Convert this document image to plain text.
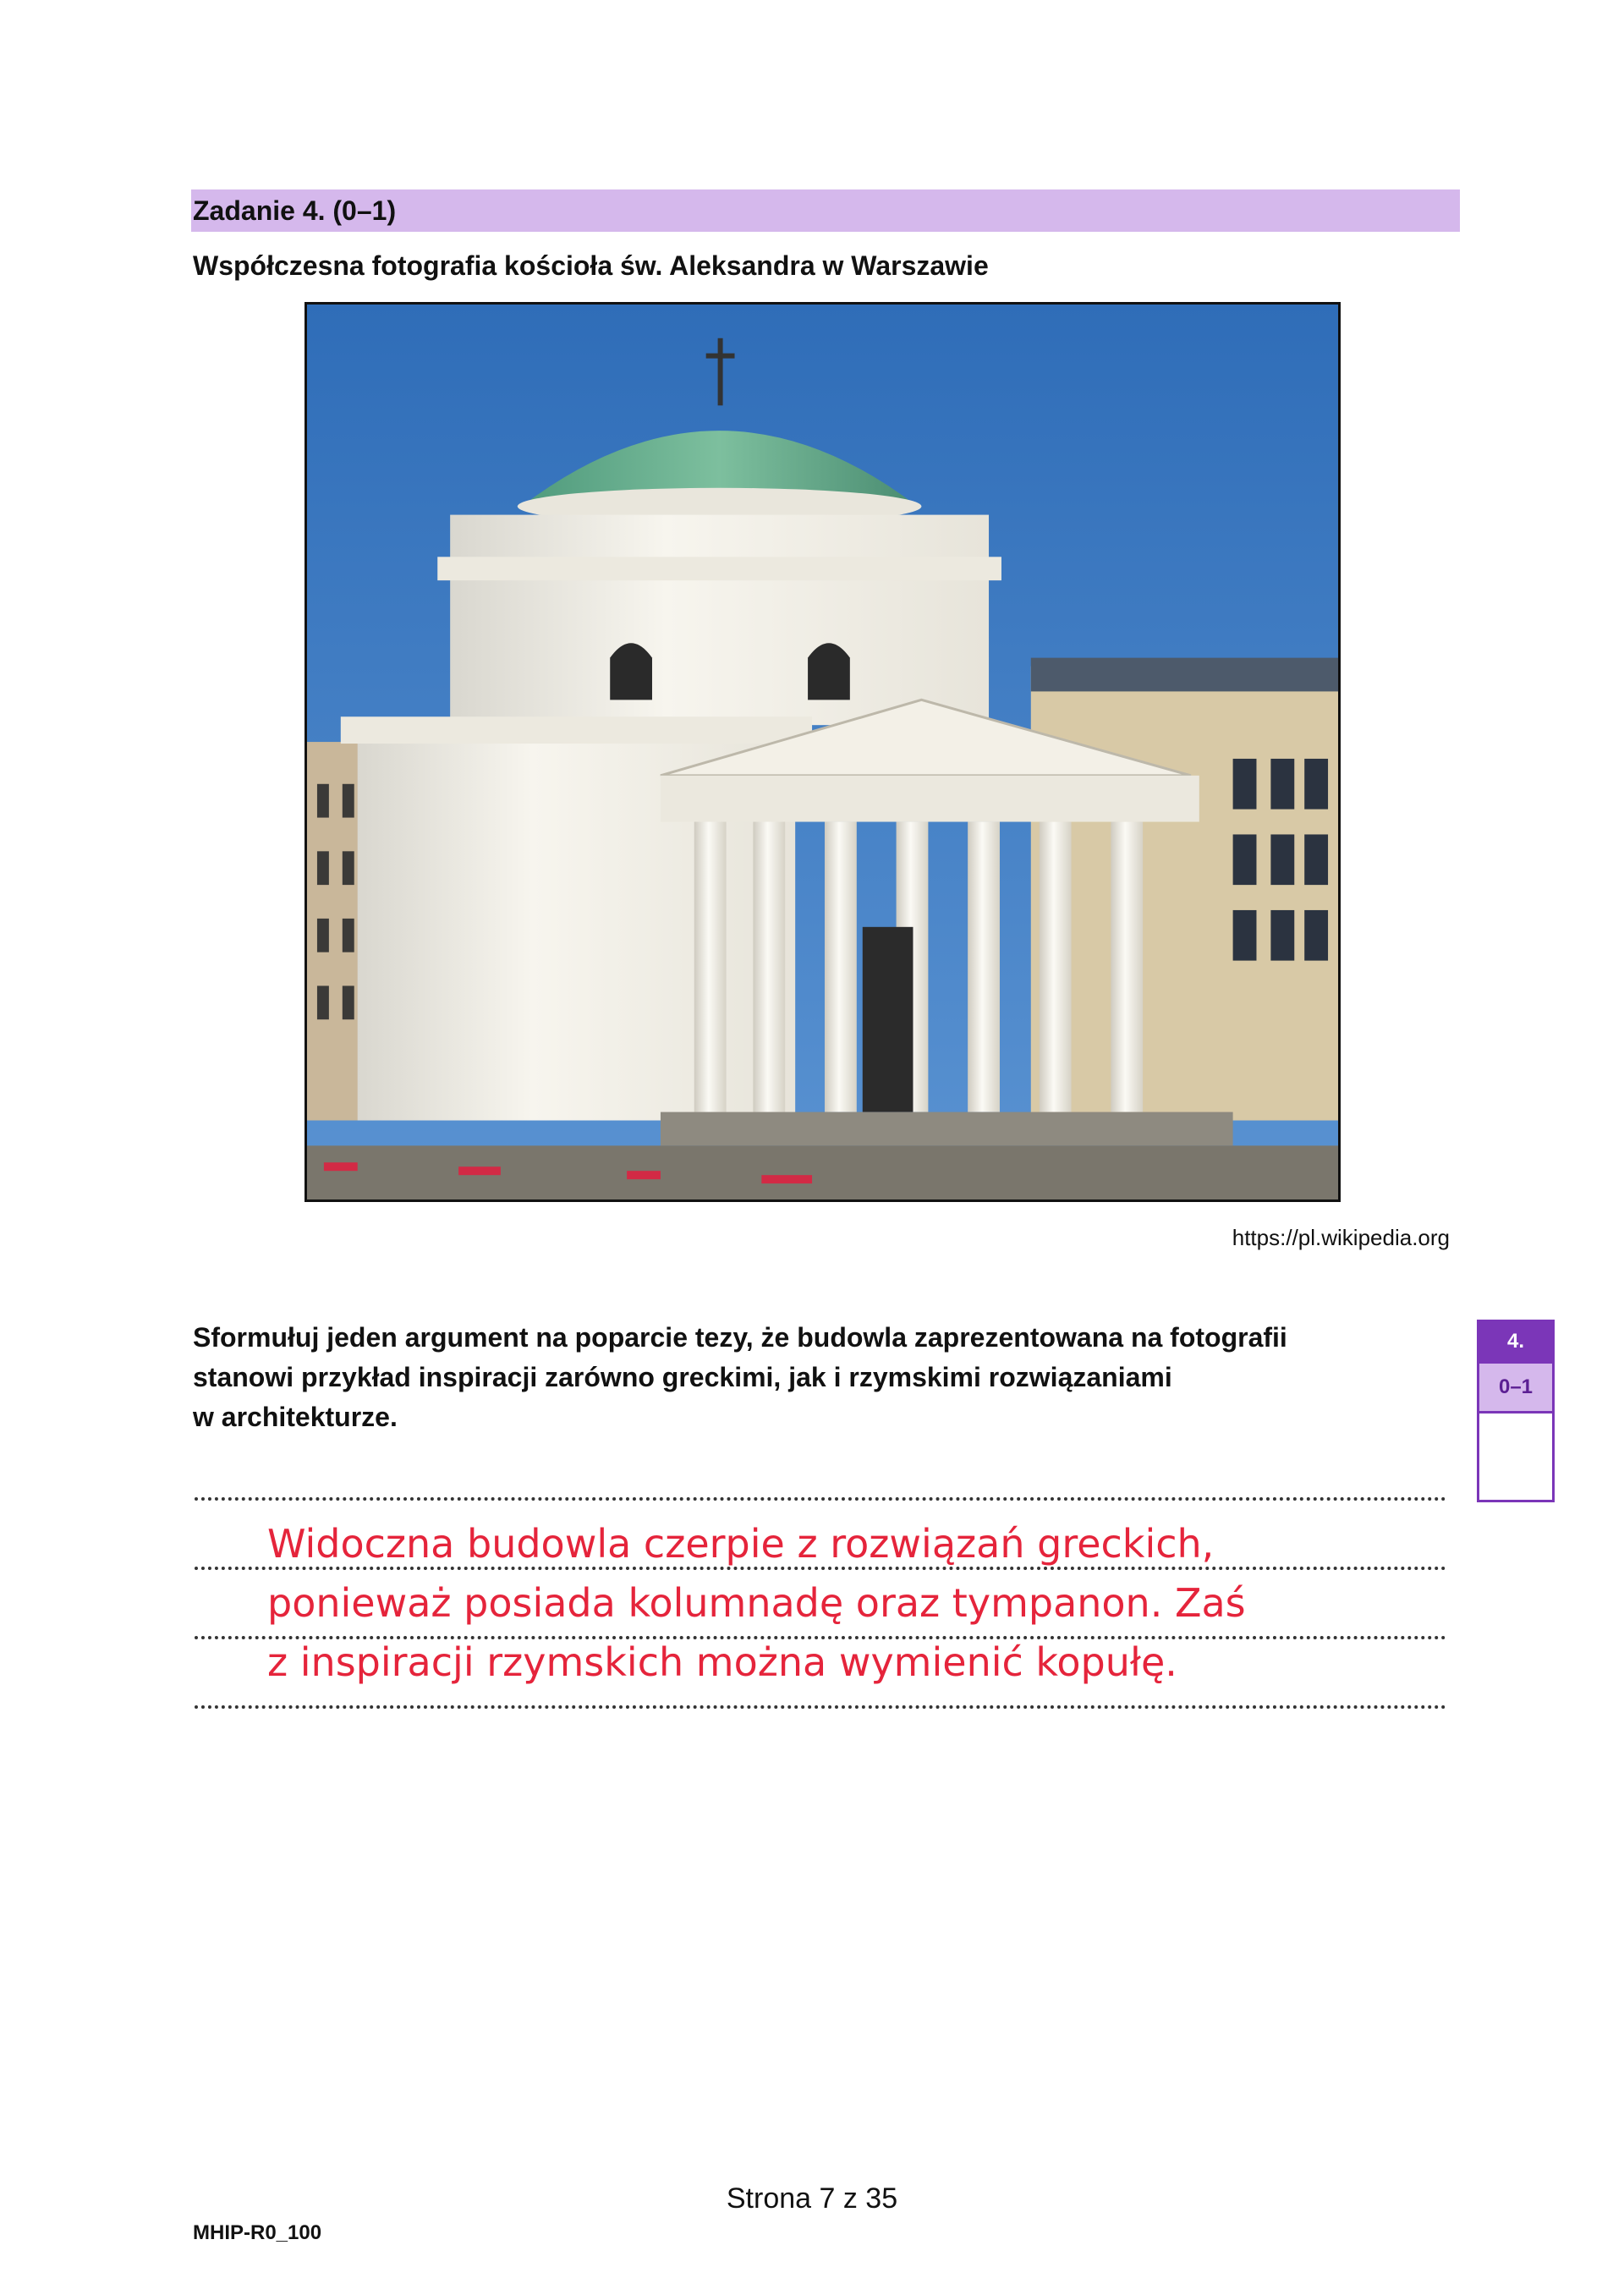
Zadanie 4. (0–1)
Współczesna fotografia kościoła św. Aleksandra w Warszawie
https://pl.wikipedia.org
Sformułuj jeden argument na poparcie tezy, że budowla zaprezentowana na fotografii
stanowi przykład inspiracji zarówno greckimi, jak i rzymskimi rozwiązaniami
w architekturze.
4.
0–1
Widoczna budowla czerpie z rozwiązań greckich,
ponieważ posiada kolumnadę oraz tympanon. Zaś
z inspiracji rzymskich można wymienić kopułę.
Strona 7 z 35
MHIP-R0_100
